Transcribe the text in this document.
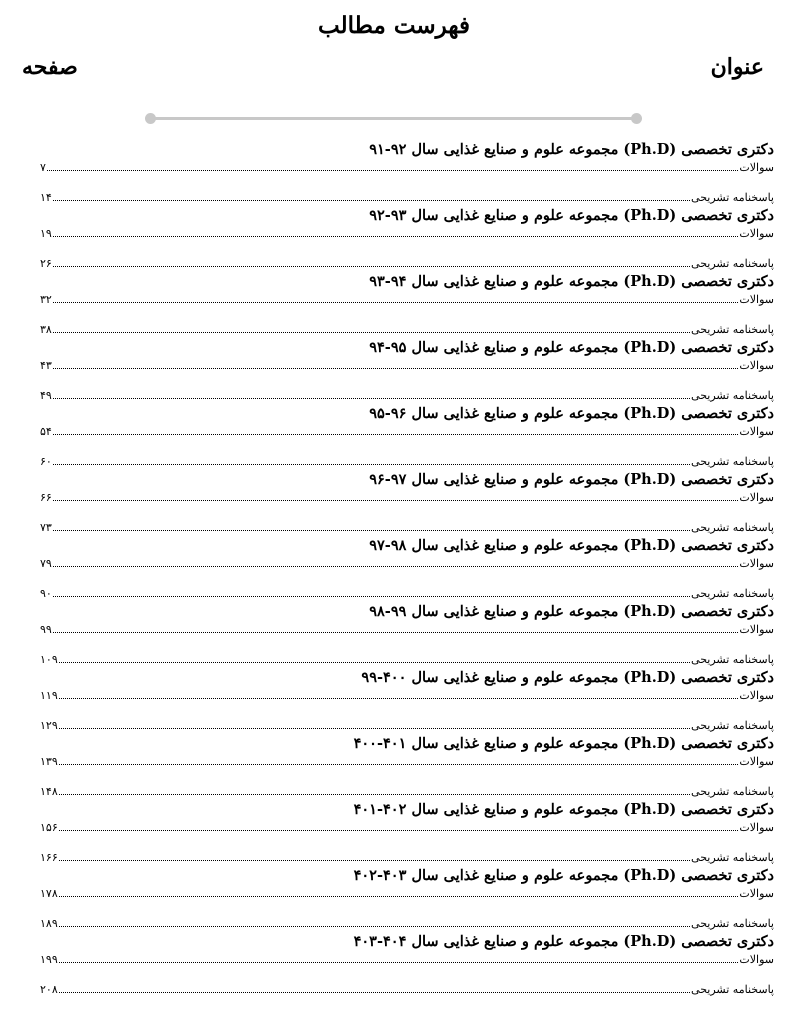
فهرست مطالب
عنوان
صفحه
دکتری تخصصی (Ph.D) مجموعه علوم و صنایع غذایی سال ۹۲-۹۱
سوالات
۷
پاسخنامه تشریحی
۱۴
دکتری تخصصی (Ph.D) مجموعه علوم و صنایع غذایی سال ۹۳-۹۲
سوالات
۱۹
پاسخنامه تشریحی
۲۶
دکتری تخصصی (Ph.D) مجموعه علوم و صنایع غذایی سال ۹۴-۹۳
سوالات
۳۲
پاسخنامه تشریحی
۳۸
دکتری تخصصی (Ph.D) مجموعه علوم و صنایع غذایی سال ۹۵-۹۴
سوالات
۴۳
پاسخنامه تشریحی
۴۹
دکتری تخصصی (Ph.D) مجموعه علوم و صنایع غذایی سال ۹۶-۹۵
سوالات
۵۴
پاسخنامه تشریحی
۶۰
دکتری تخصصی (Ph.D) مجموعه علوم و صنایع غذایی سال ۹۷-۹۶
سوالات
۶۶
پاسخنامه تشریحی
۷۳
دکتری تخصصی (Ph.D) مجموعه علوم و صنایع غذایی سال ۹۸-۹۷
سوالات
۷۹
پاسخنامه تشریحی
۹۰
دکتری تخصصی (Ph.D) مجموعه علوم و صنایع غذایی سال ۹۹-۹۸
سوالات
۹۹
پاسخنامه تشریحی
۱۰۹
دکتری تخصصی (Ph.D) مجموعه علوم و صنایع غذایی سال ۴۰۰-۹۹
سوالات
۱۱۹
پاسخنامه تشریحی
۱۲۹
دکتری تخصصی (Ph.D) مجموعه علوم و صنایع غذایی سال ۴۰۱-۴۰۰
سوالات
۱۳۹
پاسخنامه تشریحی
۱۴۸
دکتری تخصصی (Ph.D) مجموعه علوم و صنایع غذایی سال ۴۰۲-۴۰۱
سوالات
۱۵۶
پاسخنامه تشریحی
۱۶۶
دکتری تخصصی (Ph.D) مجموعه علوم و صنایع غذایی سال ۴۰۳-۴۰۲
سوالات
۱۷۸
پاسخنامه تشریحی
۱۸۹
دکتری تخصصی (Ph.D) مجموعه علوم و صنایع غذایی سال ۴۰۴-۴۰۳
سوالات
۱۹۹
پاسخنامه تشریحی
۲۰۸
